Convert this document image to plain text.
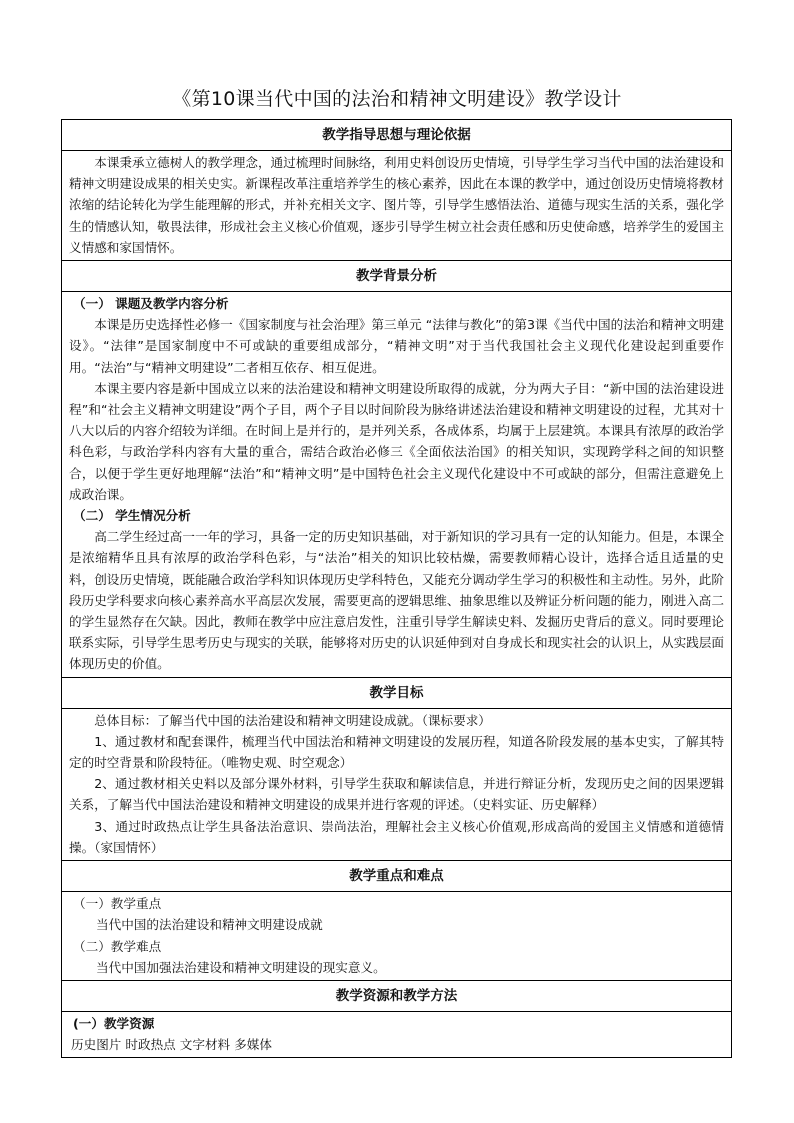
《第10课当代中国的法治和精神文明建设》教学设计
教学指导思想与理论依据

本课秉承立德树人的教学理念，通过梳理时间脉络，利用史料创设历史情境，引导学生学习当代中国的法治建设和精神文明建设成果的相关史实。新课程改革注重培养学生的核心素养，因此在本课的教学中，通过创设历史情境将教材浓缩的结论转化为学生能理解的形式，并补充相关文字、图片等，引导学生感悟法治、道德与现实生活的关系，强化学生的情感认知，敬畏法律，形成社会主义核心价值观，逐步引导学生树立社会责任感和历史使命感，培养学生的爱国主义情感和家国情怀。

教学背景分析

（一） 课题及教学内容分析

本课是历史选择性必修一《国家制度与社会治理》第三单元 “法律与教化”的第3课《当代中国的法治和精神文明建设》。“法律”是国家制度中不可或缺的重要组成部分，“精神文明”对于当代我国社会主义现代化建设起到重要作用。“法治”与“精神文明建设”二者相互依存、相互促进。

本课主要内容是新中国成立以来的法治建设和精神文明建设所取得的成就，分为两大子目：“新中国的法治建设进程”和“社会主义精神文明建设”两个子目，两个子目以时间阶段为脉络讲述法治建设和精神文明建设的过程，尤其对十八大以后的内容介绍较为详细。在时间上是并行的，是并列关系，各成体系，均属于上层建筑。本课具有浓厚的政治学科色彩，与政治学科内容有大量的重合，需结合政治必修三《全面依法治国》的相关知识，实现跨学科之间的知识整合，以便于学生更好地理解“法治”和“精神文明”是中国特色社会主义现代化建设中不可或缺的部分，但需注意避免上成政治课。

（二） 学生情况分析

高二学生经过高一一年的学习，具备一定的历史知识基础，对于新知识的学习具有一定的认知能力。但是，本课全是浓缩精华且具有浓厚的政治学科色彩，与“法治”相关的知识比较枯燥，需要教师精心设计，选择合适且适量的史料，创设历史情境，既能融合政治学科知识体现历史学科特色，又能充分调动学生学习的积极性和主动性。另外，此阶段历史学科要求向核心素养高水平高层次发展，需要更高的逻辑思维、抽象思维以及辨证分析问题的能力，刚进入高二的学生显然存在欠缺。因此，教师在教学中应注意启发性，注重引导学生解读史料、发掘历史背后的意义。同时要理论联系实际，引导学生思考历史与现实的关联，能够将对历史的认识延伸到对自身成长和现实社会的认识上，从实践层面体现历史的价值。

教学目标

总体目标：了解当代中国的法治建设和精神文明建设成就。（课标要求）

1、通过教材和配套课件，梳理当代中国法治和精神文明建设的发展历程，知道各阶段发展的基本史实，了解其特定的时空背景和阶段特征。（唯物史观、时空观念）

2、通过教材相关史料以及部分课外材料，引导学生获取和解读信息，并进行辩证分析，发现历史之间的因果逻辑关系，了解当代中国法治建设和精神文明建设的成果并进行客观的评述。（史料实证、历史解释）

3、通过时政热点让学生具备法治意识、崇尚法治，理解社会主义核心价值观,形成高尚的爱国主义情感和道德情操。（家国情怀）

教学重点和难点

（一）教学重点

当代中国的法治建设和精神文明建设成就

（二）教学难点

当代中国加强法治建设和精神文明建设的现实意义。

教学资源和教学方法

(一）教学资源

历史图片 时政热点 文字材料 多媒体
